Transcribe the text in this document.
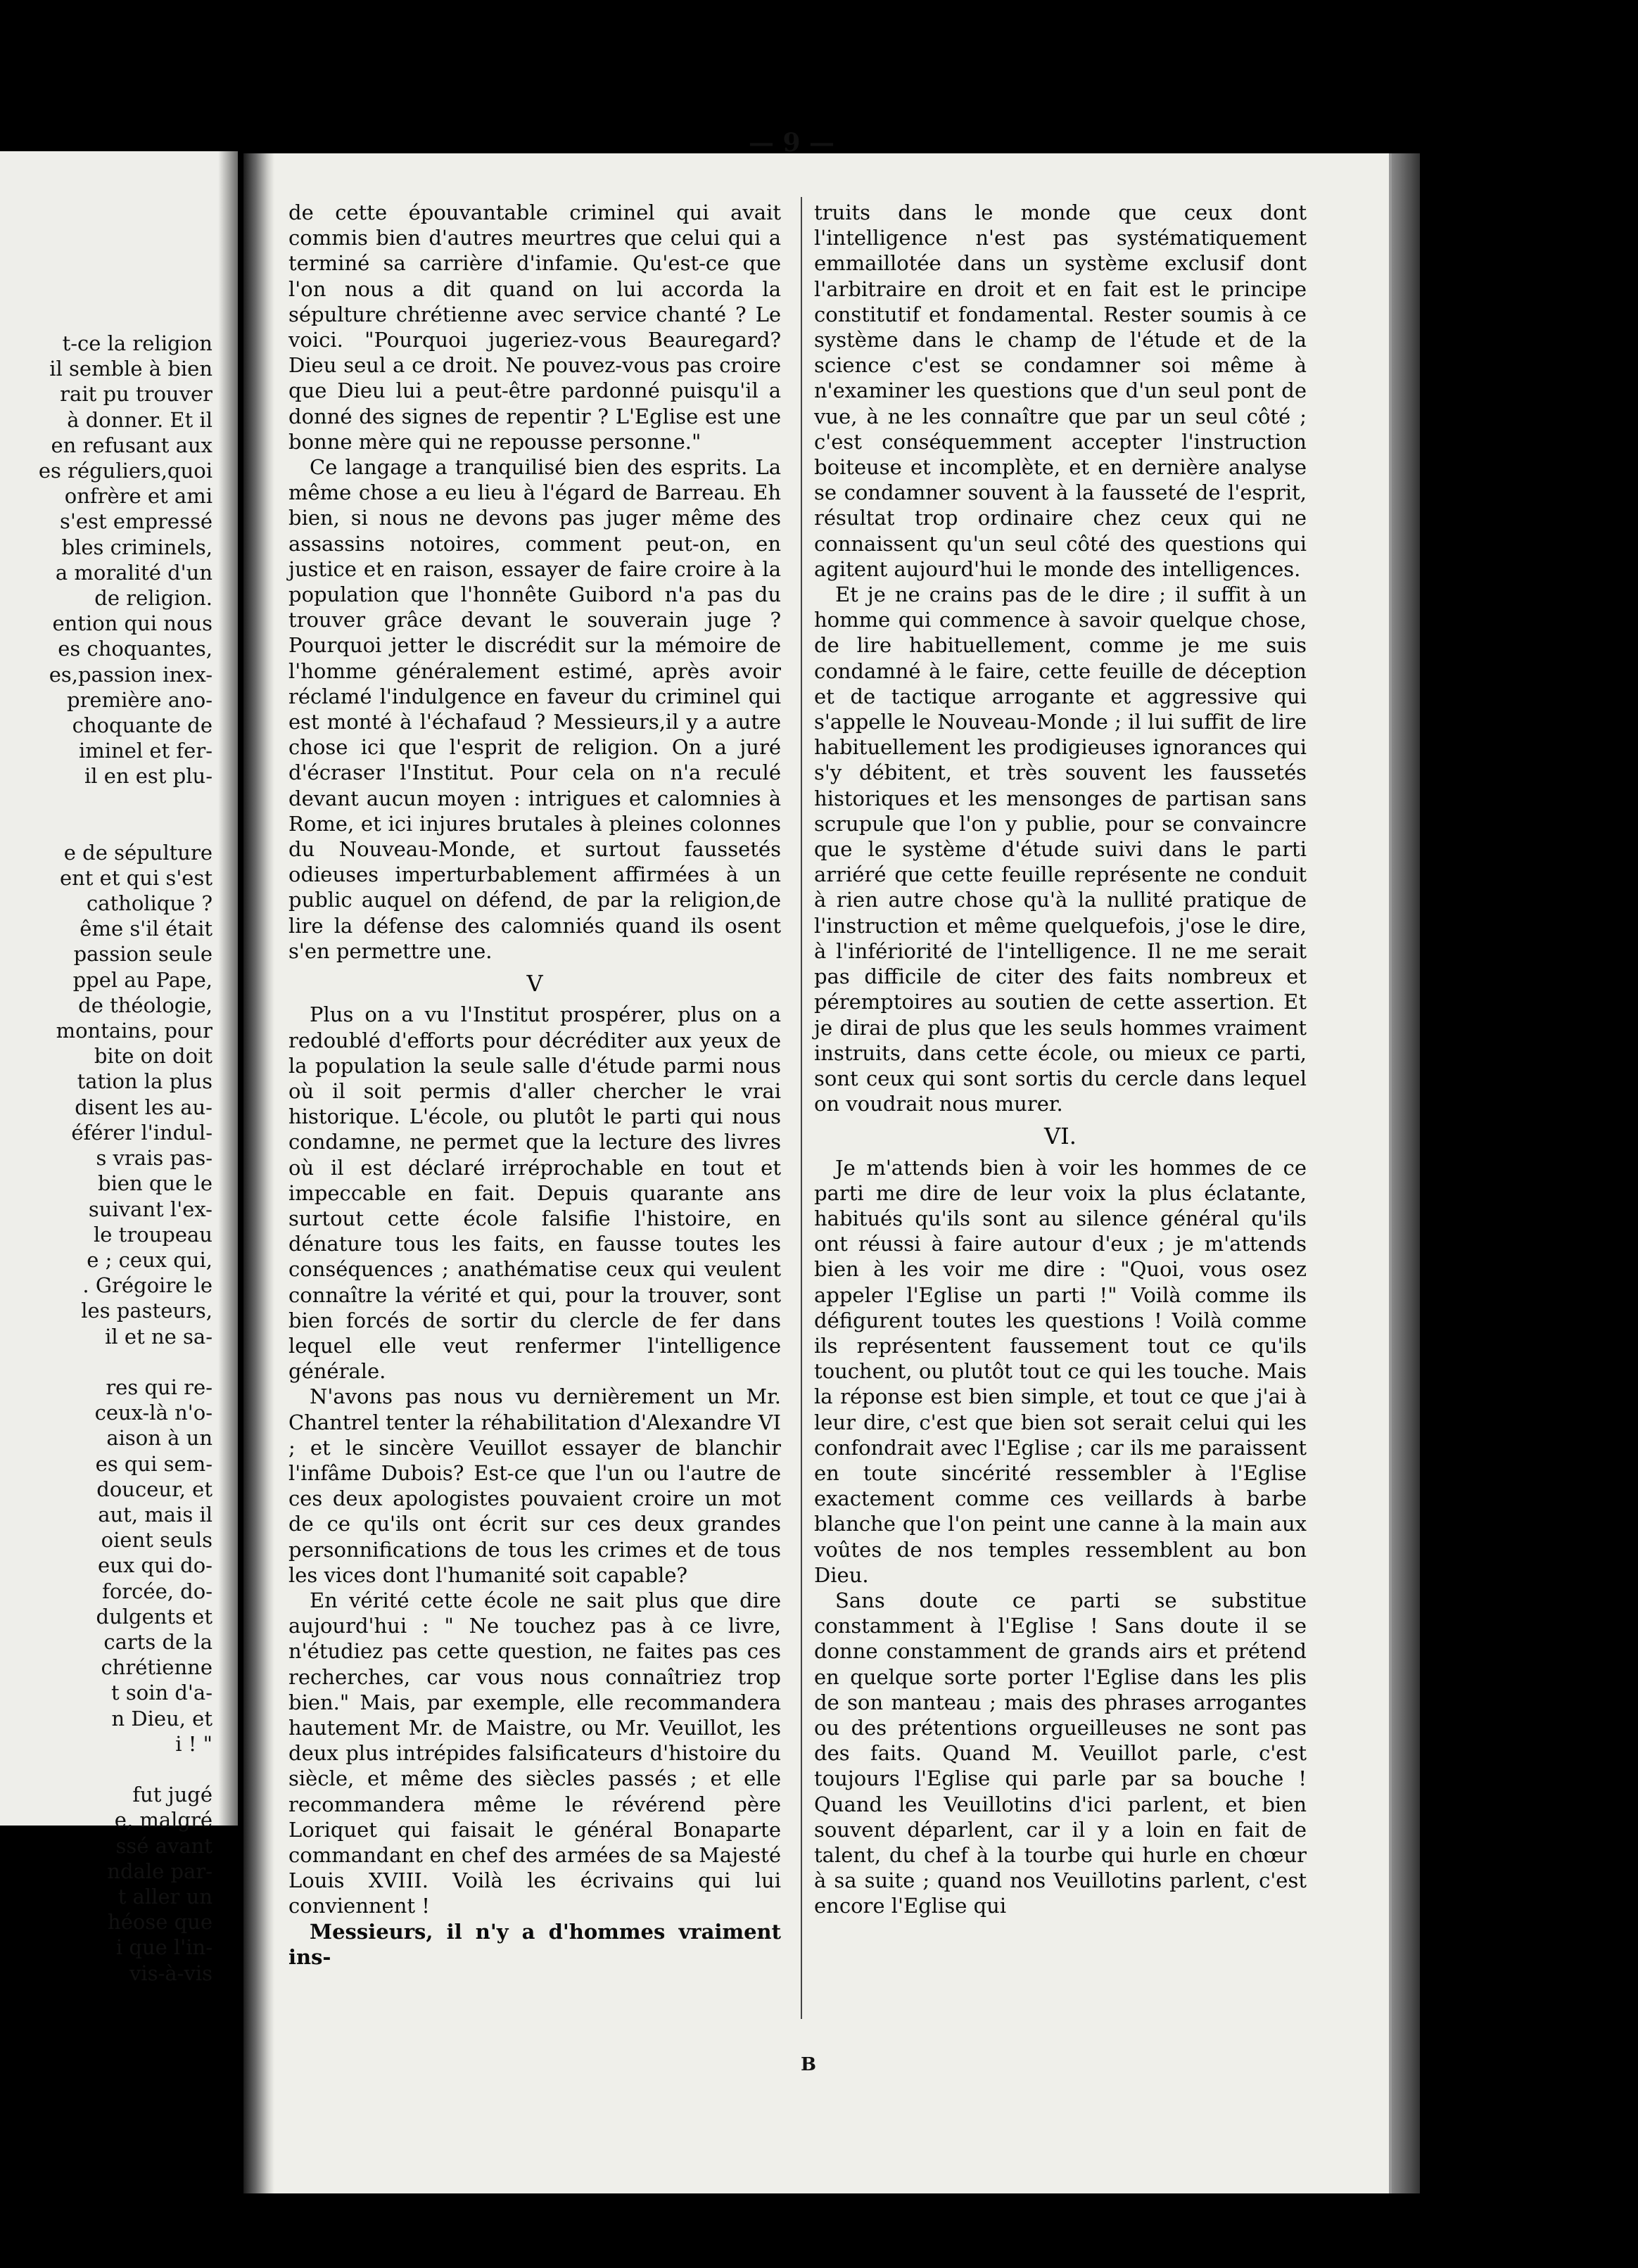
t-ce la religion
il semble à bien
rait pu trouver
à donner. Et il
en refusant aux
es réguliers,quoi
onfrère et ami
s'est empressé
bles criminels,
a moralité d'un
de religion.
ention qui nous
es choquantes,
es,passion inex-
première ano-
choquante de
iminel et fer-
il en est plu-
e de sépulture
ent et qui s'est
catholique ?
ême s'il était
passion seule
ppel au Pape,
de théologie,
montains, pour
bite on doit
tation la plus
disent les au-
éférer l'indul-
s vrais pas-
bien que le
suivant l'ex-
le troupeau
e ; ceux qui,
. Grégoire le
les pasteurs,
il et ne sa-

res qui re-
ceux-là n'o-
aison à un
es qui sem-
douceur, et
aut, mais il
oient seuls
eux qui do-
forcée, do-
dulgents et
carts de la
chrétienne
t soin d'a-
n Dieu, et
i ! "

fut jugé
e, malgré
ssé avant
ndale par-
t aller un
héose que
i que l'in-
vis-à-vis
— 9 —

de cette épouvantable criminel qui avait commis bien d'autres meurtres que celui qui a terminé sa carrière d'infamie. Qu'est-ce que l'on nous a dit quand on lui accorda la sépulture chrétienne avec service chanté ? Le voici. "Pourquoi jugeriez-vous Beauregard? Dieu seul a ce droit. Ne pouvez-vous pas croire que Dieu lui a peut-être pardonné puisqu'il a donné des signes de repentir ? L'Eglise est une bonne mère qui ne repousse personne."

Ce langage a tranquilisé bien des esprits. La même chose a eu lieu à l'égard de Barreau. Eh bien, si nous ne devons pas juger même des assassins notoires, comment peut-on, en justice et en raison, essayer de faire croire à la population que l'honnête Guibord n'a pas du trouver grâce devant le souverain juge ? Pourquoi jetter le discrédit sur la mémoire de l'homme généralement estimé, après avoir réclamé l'indulgence en faveur du criminel qui est monté à l'échafaud ? Messieurs,il y a autre chose ici que l'esprit de religion. On a juré d'écraser l'Institut. Pour cela on n'a reculé devant aucun moyen : intrigues et calomnies à Rome, et ici injures brutales à pleines colonnes du Nouveau-Monde, et surtout faussetés odieuses imperturbablement affirmées à un public auquel on défend, de par la religion,de lire la défense des calomniés quand ils osent s'en permettre une.

V

Plus on a vu l'Institut prospérer, plus on a redoublé d'efforts pour décréditer aux yeux de la population la seule salle d'étude parmi nous où il soit permis d'aller chercher le vrai historique. L'école, ou plutôt le parti qui nous condamne, ne permet que la lecture des livres où il est déclaré irréprochable en tout et impeccable en fait. Depuis quarante ans surtout cette école falsifie l'histoire, en dénature tous les faits, en fausse toutes les conséquences ; anathématise ceux qui veulent connaître la vérité et qui, pour la trouver, sont bien forcés de sortir du clercle de fer dans lequel elle veut renfermer l'intelligence générale.

N'avons pas nous vu dernièrement un Mr. Chantrel tenter la réhabilitation d'Alexandre VI ; et le sincère Veuillot essayer de blanchir l'infâme Dubois? Est-ce que l'un ou l'autre de ces deux apologistes pouvaient croire un mot de ce qu'ils ont écrit sur ces deux grandes personnifications de tous les crimes et de tous les vices dont l'humanité soit capable?

En vérité cette école ne sait plus que dire aujourd'hui : " Ne touchez pas à ce livre, n'étudiez pas cette question, ne faites pas ces recherches, car vous nous connaîtriez trop bien." Mais, par exemple, elle recommandera hautement Mr. de Maistre, ou Mr. Veuillot, les deux plus intrépides falsificateurs d'histoire du siècle, et même des siècles passés ; et elle recommandera même le révérend père Loriquet qui faisait le général Bonaparte commandant en chef des armées de sa Majesté Louis XVIII. Voilà les écrivains qui lui conviennent !

Messieurs, il n'y a d'hommes vraiment ins-

truits dans le monde que ceux dont l'intelligence n'est pas systématiquement emmaillotée dans un système exclusif dont l'arbitraire en droit et en fait est le principe constitutif et fondamental. Rester soumis à ce système dans le champ de l'étude et de la science c'est se condamner soi même à n'examiner les questions que d'un seul pont de vue, à ne les connaître que par un seul côté ; c'est conséquemment accepter l'instruction boiteuse et incomplète, et en dernière analyse se condamner souvent à la fausseté de l'esprit, résultat trop ordinaire chez ceux qui ne connaissent qu'un seul côté des questions qui agitent aujourd'hui le monde des intelligences.

Et je ne crains pas de le dire ; il suffit à un homme qui commence à savoir quelque chose, de lire habituellement, comme je me suis condamné à le faire, cette feuille de déception et de tactique arrogante et aggressive qui s'appelle le Nouveau-Monde ; il lui suffit de lire habituellement les prodigieuses ignorances qui s'y débitent, et très souvent les faussetés historiques et les mensonges de partisan sans scrupule que l'on y publie, pour se convaincre que le système d'étude suivi dans le parti arriéré que cette feuille représente ne conduit à rien autre chose qu'à la nullité pratique de l'instruction et même quelquefois, j'ose le dire, à l'infériorité de l'intelligence. Il ne me serait pas difficile de citer des faits nombreux et péremptoires au soutien de cette assertion. Et je dirai de plus que les seuls hommes vraiment instruits, dans cette école, ou mieux ce parti, sont ceux qui sont sortis du cercle dans lequel on voudrait nous murer.

VI.

Je m'attends bien à voir les hommes de ce parti me dire de leur voix la plus éclatante, habitués qu'ils sont au silence général qu'ils ont réussi à faire autour d'eux ; je m'attends bien à les voir me dire : "Quoi, vous osez appeler l'Eglise un parti !" Voilà comme ils défigurent toutes les questions ! Voilà comme ils représentent faussement tout ce qu'ils touchent, ou plutôt tout ce qui les touche. Mais la réponse est bien simple, et tout ce que j'ai à leur dire, c'est que bien sot serait celui qui les confondrait avec l'Eglise ; car ils me paraissent en toute sincérité ressembler à l'Eglise exactement comme ces veillards à barbe blanche que l'on peint une canne à la main aux voûtes de nos temples ressemblent au bon Dieu.

Sans doute ce parti se substitue constamment à l'Eglise ! Sans doute il se donne constamment de grands airs et prétend en quelque sorte porter l'Eglise dans les plis de son manteau ; mais des phrases arrogantes ou des prétentions orgueilleuses ne sont pas des faits. Quand M. Veuillot parle, c'est toujours l'Eglise qui parle par sa bouche ! Quand les Veuillotins d'ici parlent, et bien souvent déparlent, car il y a loin en fait de talent, du chef à la tourbe qui hurle en chœur à sa suite ; quand nos Veuillotins parlent, c'est encore l'Eglise qui

B
